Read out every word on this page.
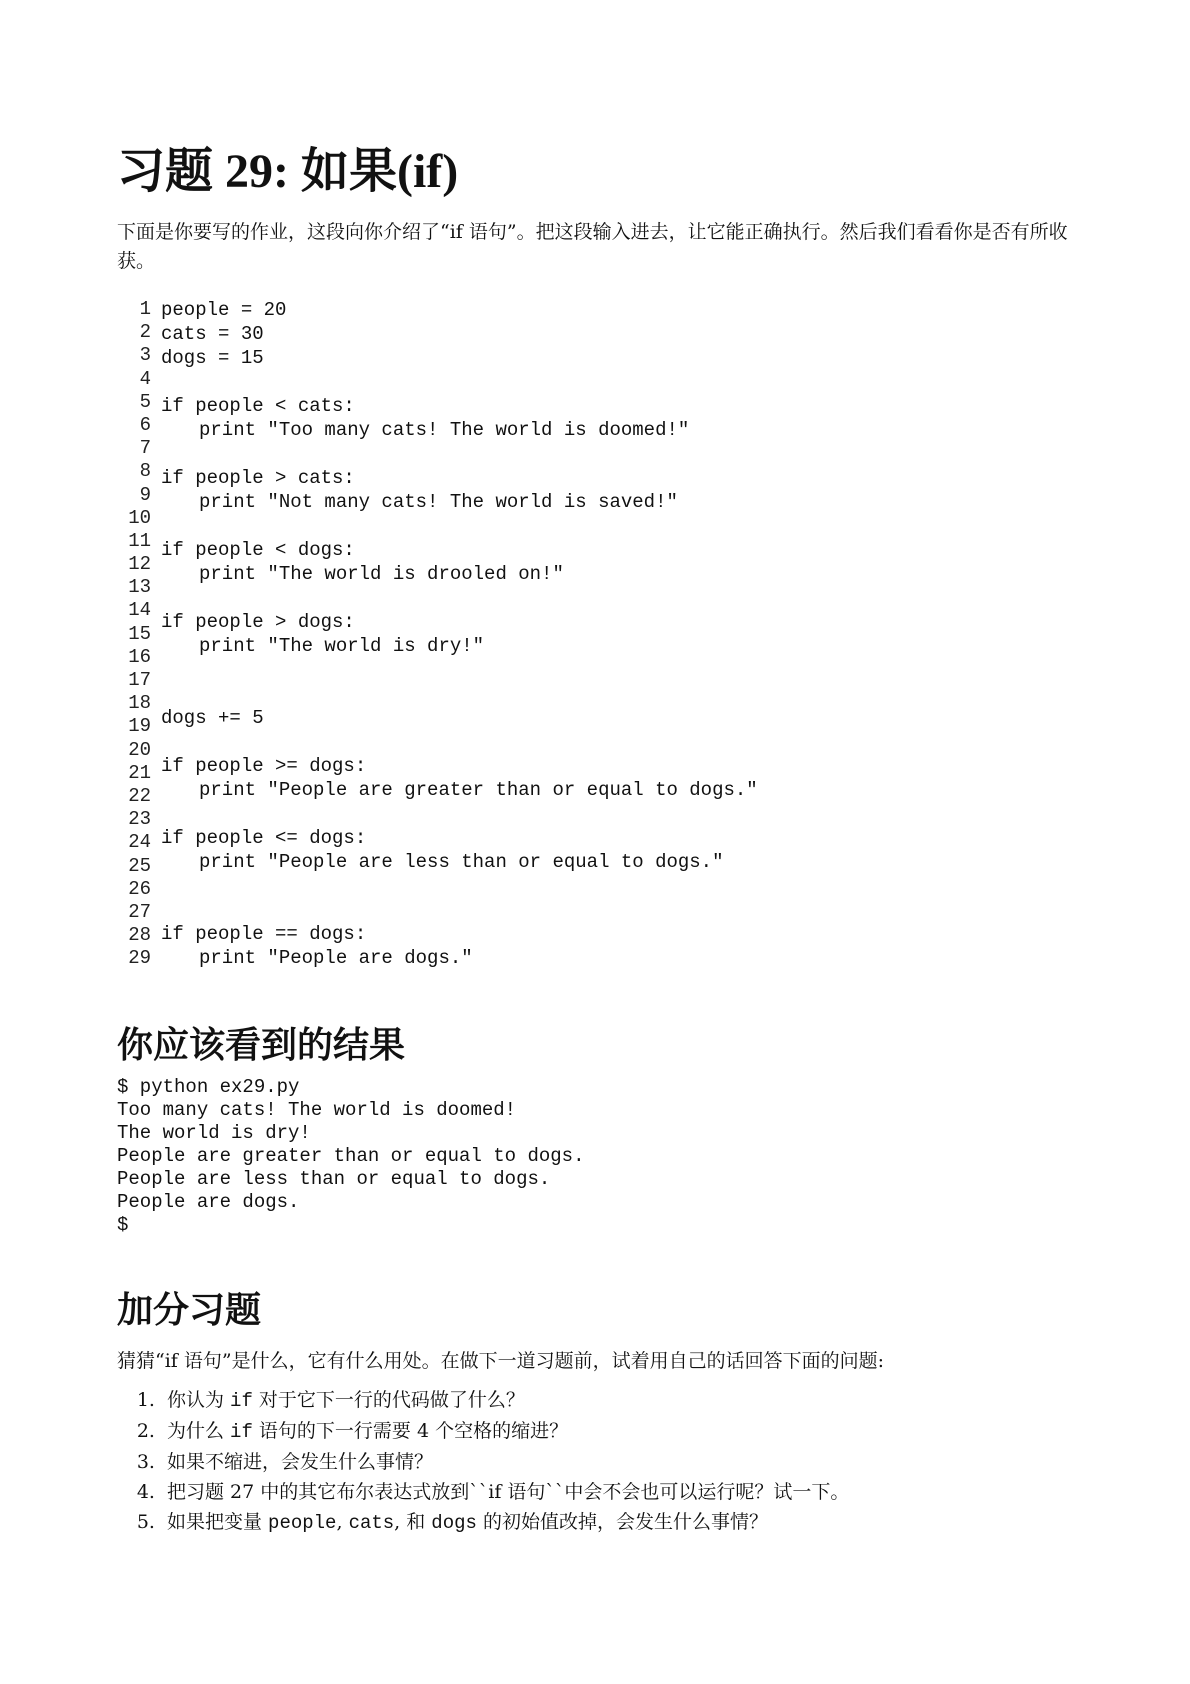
习题 29: 如果(if)

下面是你要写的作业，这段向你介绍了“if 语句”。把这段输入进去，让它能正确执行。然后我们看看你是否有所收获。

1
2
3
4
5
6
7
8
9
10
11
12
13
14
15
16
17
18
19
20
21
22
23
24
25
26
27
28
29
people = 20
cats = 30
dogs = 15
if people < cats:
print "Too many cats! The world is doomed!"
if people > cats:
print "Not many cats! The world is saved!"
if people < dogs:
print "The world is drooled on!"
if people > dogs:
print "The world is dry!"
dogs += 5
if people >= dogs:
print "People are greater than or equal to dogs."
if people <= dogs:
print "People are less than or equal to dogs."
if people == dogs:
print "People are dogs."
你应该看到的结果
$ python ex29.py
Too many cats! The world is doomed!
The world is dry!
People are greater than or equal to dogs.
People are less than or equal to dogs.
People are dogs.
$
加分习题

猜猜“if 语句”是什么，它有什么用处。在做下一道习题前，试着用自己的话回答下面的问题:

1. 你认为 if 对于它下一行的代码做了什么？
2. 为什么 if 语句的下一行需要 4 个空格的缩进？
3. 如果不缩进，会发生什么事情？
4. 把习题 27 中的其它布尔表达式放到``if 语句``中会不会也可以运行呢？试一下。
5. 如果把变量 people, cats, 和 dogs 的初始值改掉，会发生什么事情？
